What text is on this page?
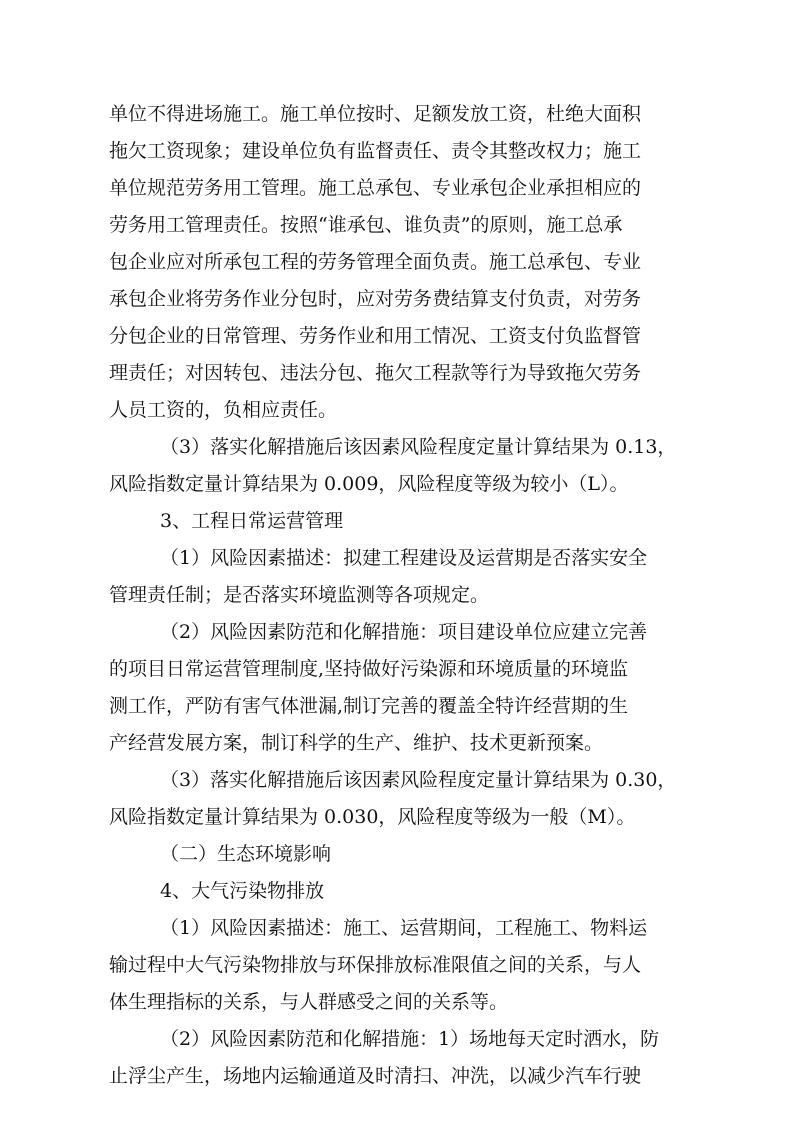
单位不得进场施工。施工单位按时、足额发放工资，杜绝大面积
拖欠工资现象；建设单位负有监督责任、责令其整改权力；施工
单位规范劳务用工管理。施工总承包、专业承包企业承担相应的
劳务用工管理责任。按照“谁承包、谁负责”的原则，施工总承
包企业应对所承包工程的劳务管理全面负责。施工总承包、专业
承包企业将劳务作业分包时，应对劳务费结算支付负责，对劳务
分包企业的日常管理、劳务作业和用工情况、工资支付负监督管
理责任；对因转包、违法分包、拖欠工程款等行为导致拖欠劳务
人员工资的，负相应责任。
（3）落实化解措施后该因素风险程度定量计算结果为 0.13，
风险指数定量计算结果为 0.009，风险程度等级为较小（L）。
3、工程日常运营管理
（1）风险因素描述：拟建工程建设及运营期是否落实安全
管理责任制；是否落实环境监测等各项规定。
（2）风险因素防范和化解措施：项目建设单位应建立完善
的项目日常运营管理制度,坚持做好污染源和环境质量的环境监
测工作，严防有害气体泄漏,制订完善的覆盖全特许经营期的生
产经营发展方案，制订科学的生产、维护、技术更新预案。
（3）落实化解措施后该因素风险程度定量计算结果为 0.30，
风险指数定量计算结果为 0.030，风险程度等级为一般（M）。
（二）生态环境影响
4、大气污染物排放
（1）风险因素描述：施工、运营期间，工程施工、物料运
输过程中大气污染物排放与环保排放标准限值之间的关系，与人
体生理指标的关系，与人群感受之间的关系等。
（2）风险因素防范和化解措施：1）场地每天定时洒水，防
止浮尘产生，场地内运输通道及时清扫、冲洗，以减少汽车行驶
